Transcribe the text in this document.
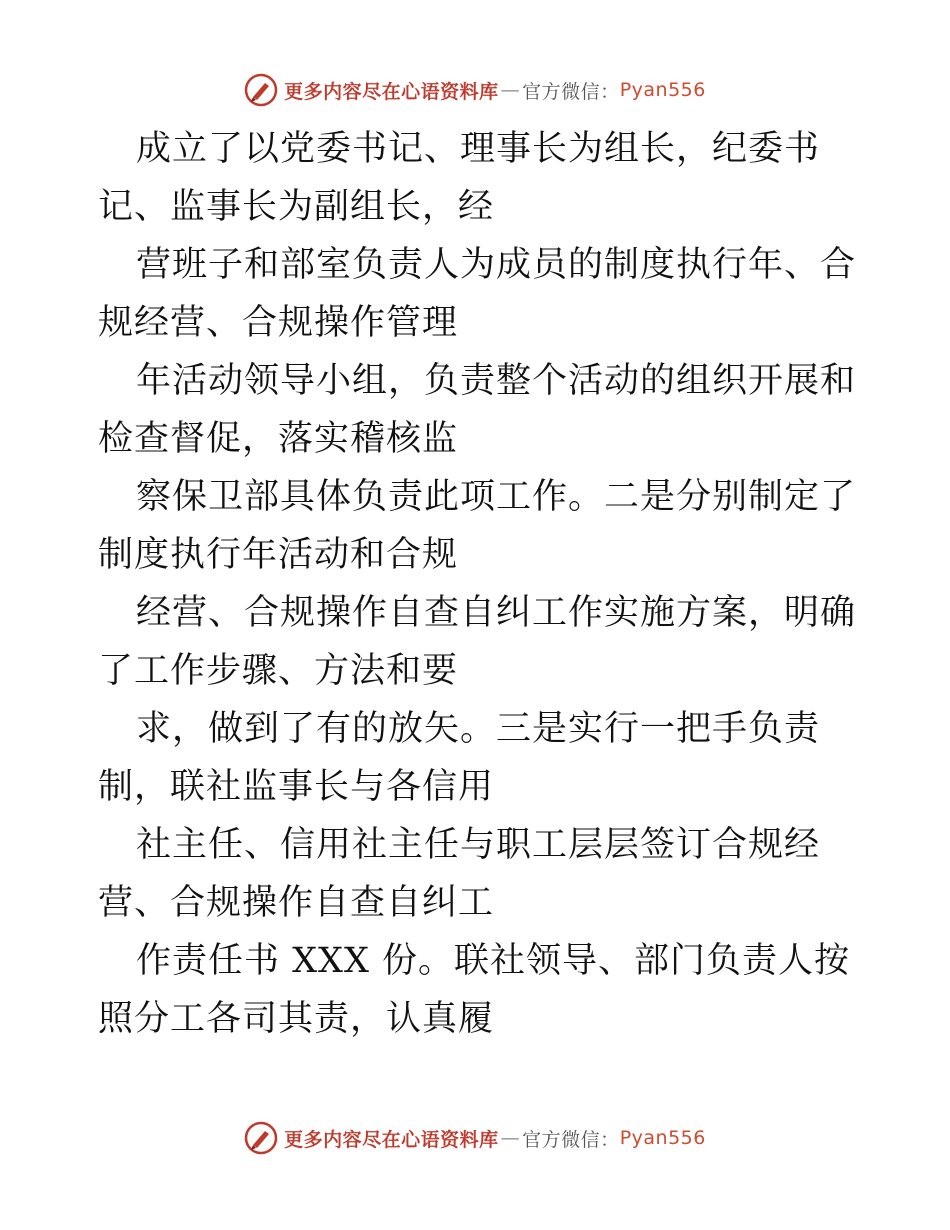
更多内容尽在心语资料库 — 官方微信： Pyan556

成立了以党委书记、理事长为组长，纪委书记、监事长为副组长，经

营班子和部室负责人为成员的制度执行年、合规经营、合规操作管理

年活动领导小组，负责整个活动的组织开展和检查督促，落实稽核监

察保卫部具体负责此项工作。二是分别制定了制度执行年活动和合规

经营、合规操作自查自纠工作实施方案，明确了工作步骤、方法和要

求，做到了有的放矢。三是实行一把手负责制，联社监事长与各信用

社主任、信用社主任与职工层层签订合规经营、合规操作自查自纠工

作责任书 XXX 份。联社领导、部门负责人按照分工各司其责，认真履

更多内容尽在心语资料库 — 官方微信： Pyan556
